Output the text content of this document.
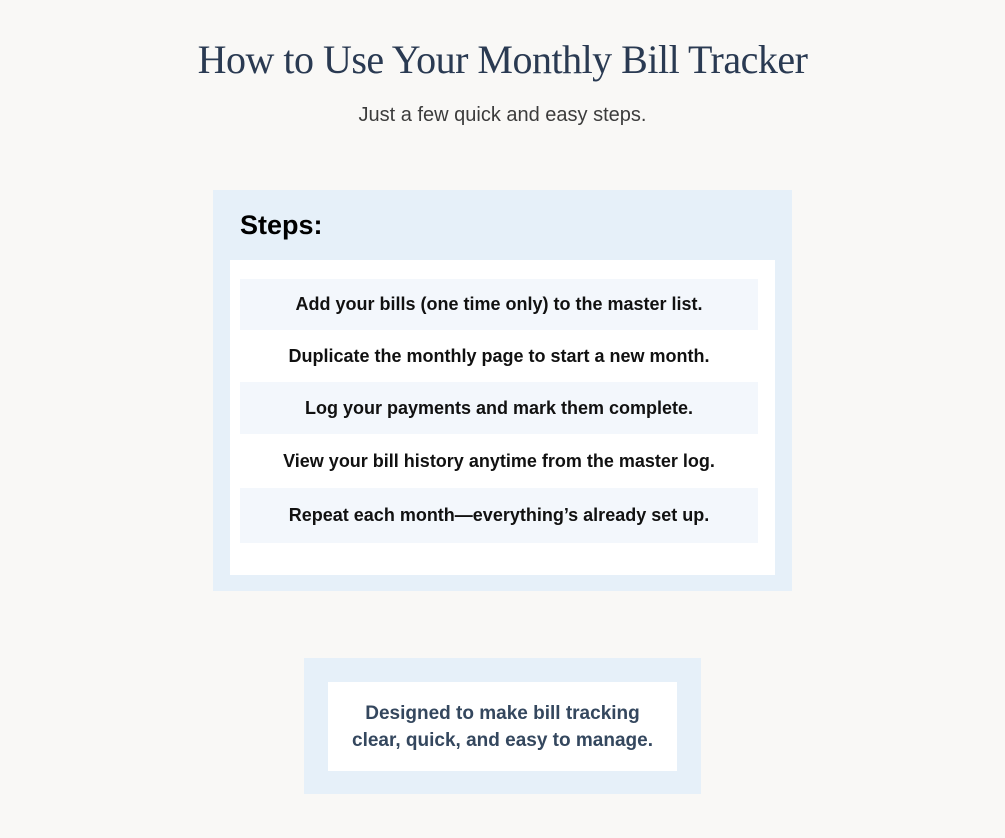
How to Use Your Monthly Bill Tracker

Just a few quick and easy steps.

Steps:
Add your bills (one time only) to the master list.
Duplicate the monthly page to start a new month.
Log your payments and mark them complete.
View your bill history anytime from the master log.
Repeat each month—everything’s already set up.
Designed to make bill tracking
clear, quick, and easy to manage.
